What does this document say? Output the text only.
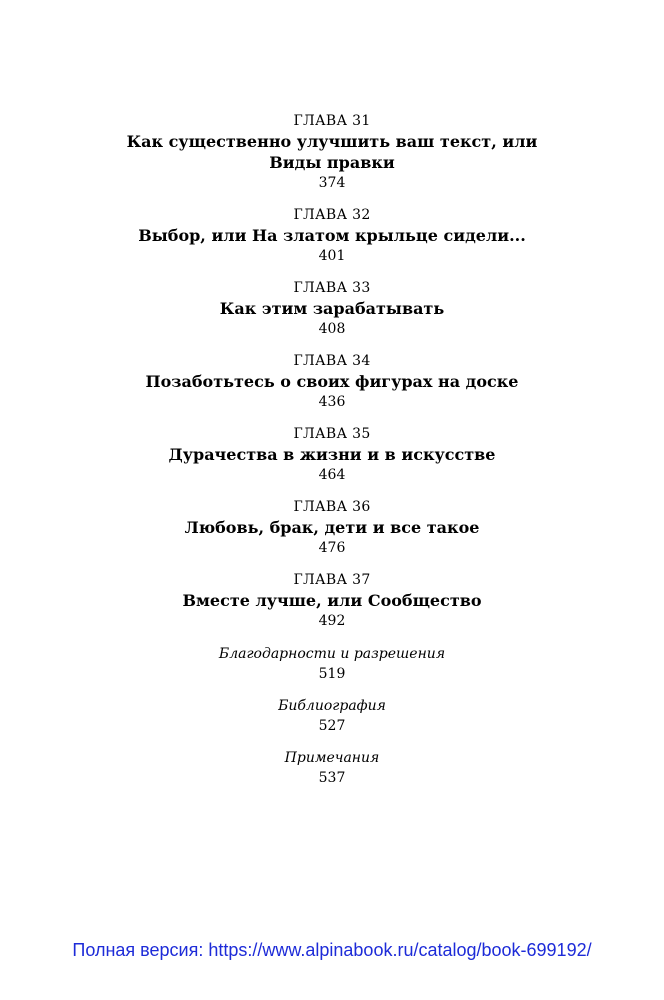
ГЛАВА 31
Как существенно улучшить ваш текст, или
Виды правки
374
ГЛАВА 32
Выбор, или На златом крыльце сидели...
401
ГЛАВА 33
Как этим зарабатывать
408
ГЛАВА 34
Позаботьтесь о своих фигурах на доске
436
ГЛАВА 35
Дурачества в жизни и в искусстве
464
ГЛАВА 36
Любовь, брак, дети и все такое
476
ГЛАВА 37
Вместе лучше, или Сообщество
492
Благодарности и разрешения
519
Библиография
527
Примечания
537
Полная версия: https://www.alpinabook.ru/catalog/book-699192/
